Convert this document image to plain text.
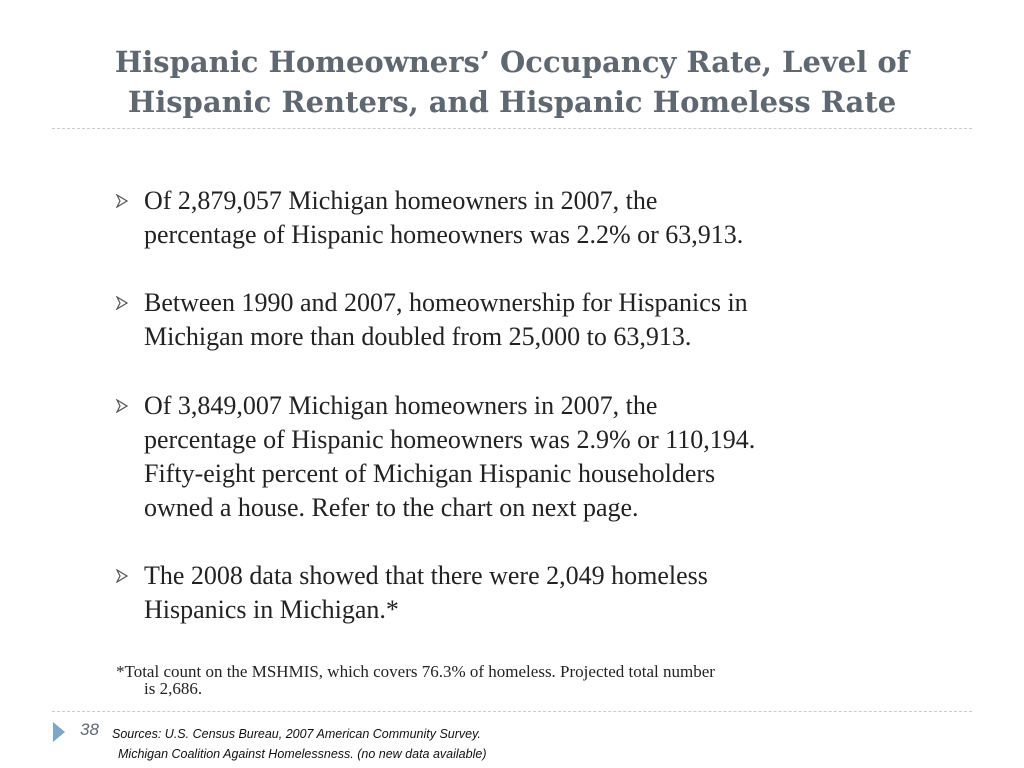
Hispanic Homeowners’ Occupancy Rate, Level of
Hispanic Renters, and Hispanic Homeless Rate
Of 2,879,057 Michigan homeowners in 2007, the
percentage of Hispanic homeowners was 2.2% or 63,913.
Between 1990 and 2007, homeownership for Hispanics in
Michigan more than doubled from 25,000 to 63,913.
Of 3,849,007 Michigan homeowners in 2007, the
percentage of Hispanic homeowners was 2.9% or 110,194.
Fifty-eight percent of Michigan Hispanic householders
owned a house. Refer to the chart on next page.
The 2008 data showed that there were 2,049 homeless
Hispanics in Michigan.*
*Total count on the MSHMIS, which covers 76.3% of homeless. Projected total number
is 2,686.
38 Sources: U.S. Census Bureau, 2007 American Community Survey.
Michigan Coalition Against Homelessness. (no new data available)
